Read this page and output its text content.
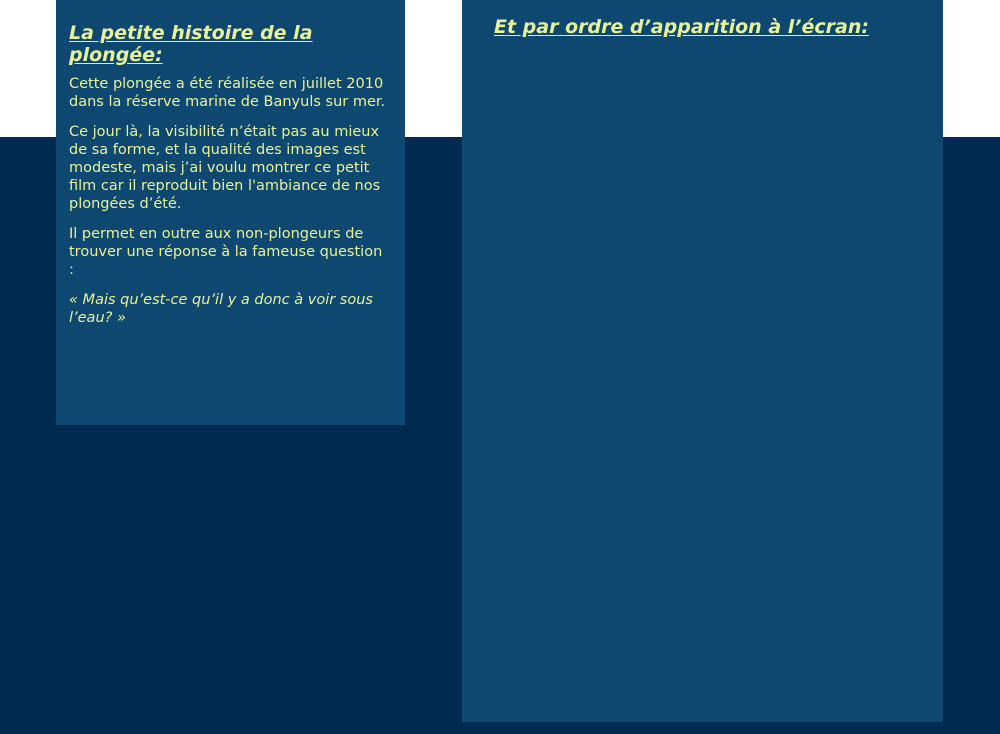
La petite histoire de la plongée:

Cette plongée a été réalisée en juillet 2010 dans la réserve marine de Banyuls sur mer.

Ce jour là, la visibilité n’était pas au mieux de sa forme, et la qualité des images est modeste, mais j’ai voulu montrer ce petit film car il reproduit bien l'ambiance de nos plongées d’été.

Il permet en outre aux non-plongeurs de trouver une réponse à la fameuse question :

« Mais qu’est-ce qu’il y a donc à voir sous l’eau? »

Et par ordre d’apparition à l’écran:
